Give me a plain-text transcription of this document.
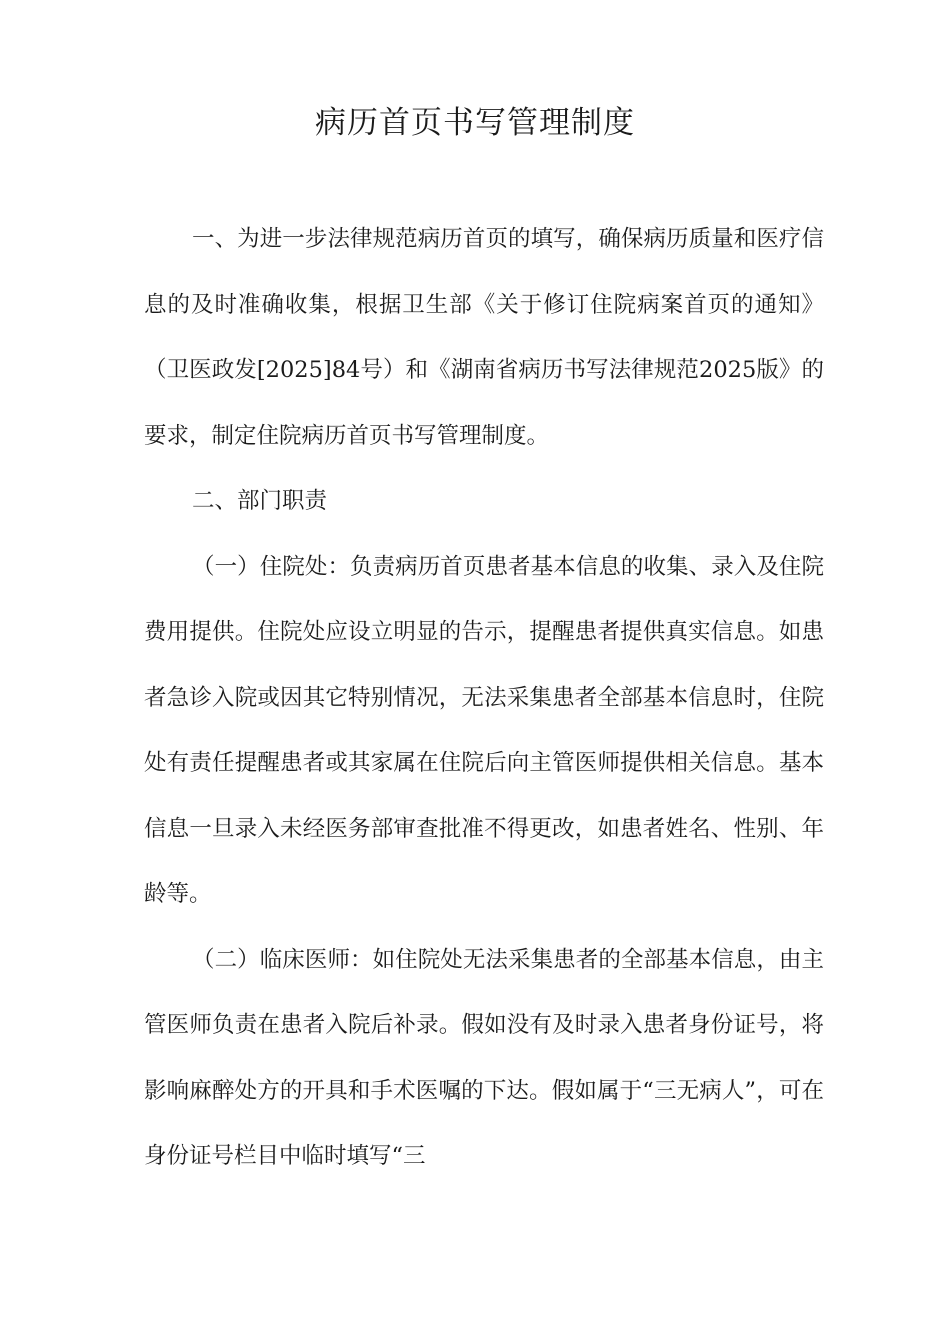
病历首页书写管理制度

一、为进一步法律规范病历首页的填写，确保病历质量和医疗信息的及时准确收集，根据卫生部《关于修订住院病案首页的通知》（卫医政发[2025]84号）和《湖南省病历书写法律规范2025版》的要求，制定住院病历首页书写管理制度。

二、部门职责

（一）住院处：负责病历首页患者基本信息的收集、录入及住院费用提供。住院处应设立明显的告示，提醒患者提供真实信息。如患者急诊入院或因其它特别情况，无法采集患者全部基本信息时，住院处有责任提醒患者或其家属在住院后向主管医师提供相关信息。基本信息一旦录入未经医务部审查批准不得更改，如患者姓名、性别、年龄等。

（二）临床医师：如住院处无法采集患者的全部基本信息，由主管医师负责在患者入院后补录。假如没有及时录入患者身份证号，将影响麻醉处方的开具和手术医嘱的下达。假如属于“三无病人”，可在身份证号栏目中临时填写“三
